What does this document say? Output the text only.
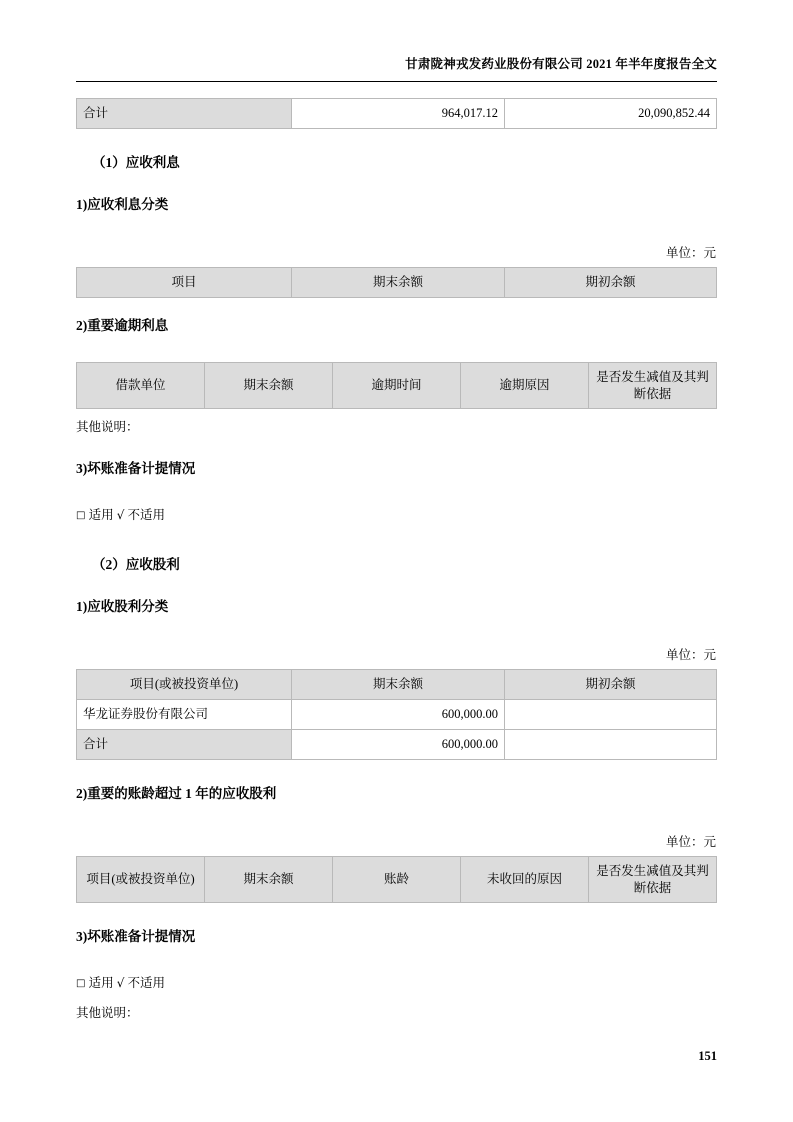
甘肃陇神戎发药业股份有限公司 2021 年半年度报告全文
合计	964,017.12	20,090,852.44
（1）应收利息
1)应收利息分类
单位：元
项目	期末余额	期初余额
2)重要逾期利息
借款单位	期末余额	逾期时间	逾期原因	是否发生减值及其判断依据
其他说明：
3)坏账准备计提情况
□ 适用 √ 不适用
（2）应收股利
1)应收股利分类
单位：元
项目(或被投资单位)	期末余额	期初余额
华龙证券股份有限公司	600,000.00	
合计	600,000.00	
2)重要的账龄超过 1 年的应收股利
单位：元
项目(或被投资单位)	期末余额	账龄	未收回的原因	是否发生减值及其判断依据
3)坏账准备计提情况
□ 适用 √ 不适用
其他说明：
151
